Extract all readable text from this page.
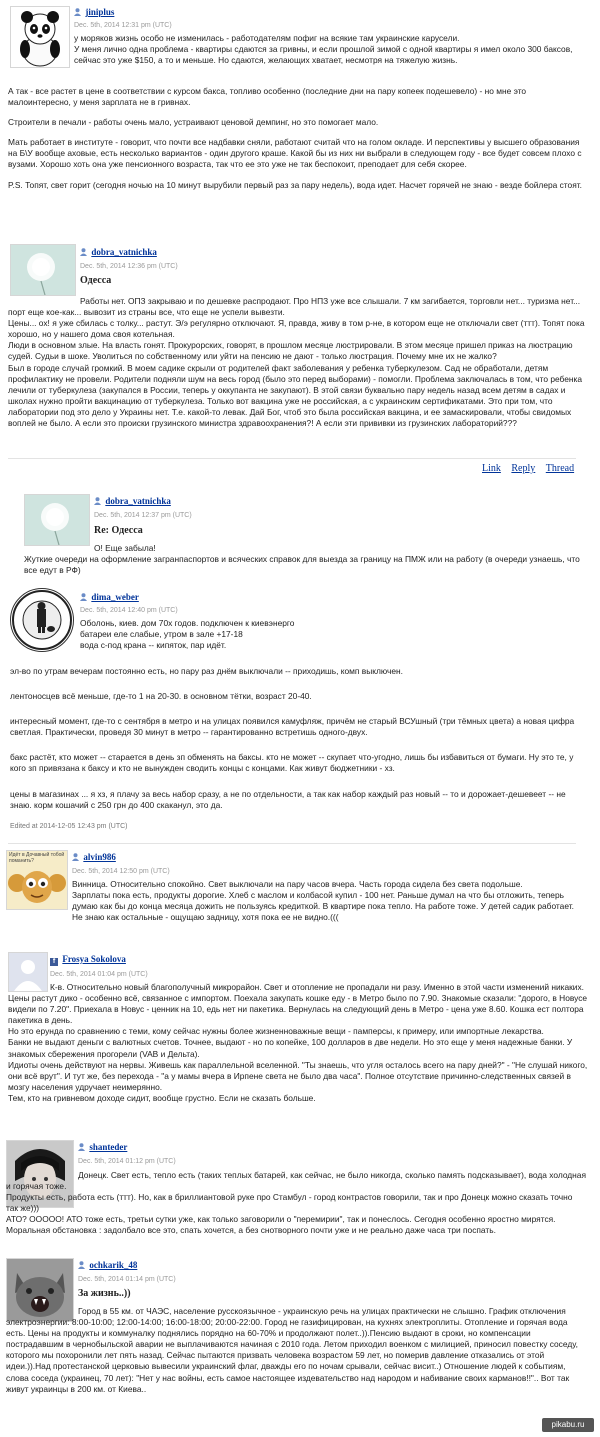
jiniplus
Dec. 5th, 2014 12:31 pm (UTC)

у моряков жизнь особо не изменилась - работодателям пофиг на всякие там украинские карусели.
У меня лично одна проблема - квартиры сдаются за гривны, и если прошлой зимой с одной квартиры я имел около 300 баксов, сейчас это уже $150, а то и меньше. Но сдаются, желающих хватает, несмотря на тяжелую жизнь.

А так - все растет в цене в соответствии с курсом бакса, топливо особенно (последние дни на пару копеек подешевело) - но мне это малоинтересно, у меня зарплата не в гривнах.

Строители в печали - работы очень мало, устраивают ценовой демпинг, но это помогает мало.

Мать работает в институте - говорит, что почти все надбавки сняли, работают считай что на голом окладе. И перспективы у высшего образования на Б\У вообще аховые, есть несколько вариантов - один другого краше. Какой бы из них ни выбрали в следующем году - все будет совсем плохо с вузами. Хорошо хоть она уже пенсионного возраста, так что ее это уже не так беспокоит, преподает для себя скорее.

P.S. Топят, свет горит (сегодня ночью на 10 минут вырубили первый раз за пару недель), вода идет. Насчет горячей не знаю - везде бойлера стоят.

dobra_vatnichka
Dec. 5th, 2014 12:36 pm (UTC)
Одесса

Работы нет. ОПЗ закрываю и по дешевке распродают. Про НПЗ уже все слышали. 7 км загибается, торговли нет... туризма нет... порт еще кое-как... вывозит из страны все, что еще не успели вывезти.
Цены... ох! я уже сбилась с толку... растут. Э/э регулярно отключают. Я, правда, живу в том р-не, в котором еще не отключали свет (ттт). Топят пока хорошо, но у нашего дома своя котельная.
Люди в основном злые. На власть гонят. Прокурорских, говорят, в прошлом месяце люстрировали. В этом месяце пришел приказ на люстрацию судей. Судьи в шоке. Уволиться по собственному или уйти на пенсию не дают - только люстрация. Почему мне их не жалко?
Был в городе случай громкий. В моем садике скрыли от родителей факт заболевания у ребенка туберкулезом. Сад не обработали, детям профилактику не провели. Родители подняли шум на весь город (было это перед выборами) - помогли. Проблема заключалась в том, что ребенка лечили от туберкулеза (закупался в России, теперь у оккупанта не закупают). В этой связи буквально пару недель назад всем детям в садах и школах нужно пройти вакцинацию от туберкулеза. Только вот вакцина уже не российская, а с украинским сертификатами. Это при том, что лаборатории под это дело у Украины нет. Т.е. какой-то левак. Дай Бог, чтоб это была российская вакцина, и ее замаскировали, чтобы свидомых воплей не было. А если это происки грузинского министра здравоохранения?! А если эти прививки из грузинских лабораторий???

Link Reply Thread
dobra_vatnichka
Dec. 5th, 2014 12:37 pm (UTC)
Re: Одесса

О! Еще забыла!
Жуткие очереди на оформление загранпаспортов и всяческих справок для выезда за границу на ПМЖ или на работу (в очереди узнаешь, что все едут в РФ)

dima_weber
Dec. 5th, 2014 12:40 pm (UTC)

Оболонь, киев. дом 70х годов. подключен к киевэнерго
батареи еле слабые, утром в зале +17-18
вода с-под крана -- кипяток, пар идёт.

эл-во по утрам вечерам постоянно есть, но пару раз днём выключали -- приходишь, комп выключен.

лентоносцев всё меньше, где-то 1 на 20-30. в основном тётки, возраст 20-40.

интересный момент, где-то с сентября в метро и на улицах появился камуфляж, причём не старый ВСУшный (три тёмных цвета) а новая цифра светлая. Практически, проведя 30 минут в метро -- гарантированно встретишь одного-двух.

бакс растёт, кто может -- старается в день зп обменять на баксы. кто не может -- скупает что-угодно, лишь бы избавиться от бумаги. Ну это те, у кого зп привязана к баксу и кто не вынужден сводить концы с концами. Как живут бюджетники - хз.

цены в магазинах ... я хз, я плачу за весь набор сразу, а не по отдельности, а так как набор каждый раз новый -- то и дорожает-дешевеет -- не знаю. корм кошачий с 250 грн до 400 скаканул, это да.

Edited at 2014-12-05 12:43 pm (UTC)
Идёт в Дочавный тобой поманить?	alvin986
Dec. 5th, 2014 12:50 pm (UTC)

Винница. Относительно спокойно. Свет выключали на пару часов вчера. Часть города сидела без света подольше.
Зарплаты пока есть, продукты дорогие. Хлеб с маслом и колбасой купил - 100 нет. Раньше думал на что бы отложить, теперь думаю как бы до конца месяца дожить не пользуясь кредиткой. В квартире пока тепло. На работе тоже. У детей садик работает. Не знаю как остальные - ощущаю задницу, хотя пока ее не видно.(((

f Frosya Sokolova
Dec. 5th, 2014 01:04 pm (UTC)

К-в. Относительно новый благополучный микрорайон. Свет и отопление не пропадали ни разу. Именно в этой части изменений никаких.
Цены растут дико - особенно всё, связанное с импортом. Поехала закупать кошке еду - в Метро было по 7.90. Знакомые сказали: "дорого, в Новусе видели по 7.20". Приехала в Новус - ценник на 10, едь нет ни пакетика. Вернулась на следующий день в Метро - цена уже 8.60. Кошка ест полтора пакетика в день.
Но это ерунда по сравнению с теми, кому сейчас нужны более жизненноважные вещи - памперсы, к примеру, или импортные лекарства.
Банки не выдают деньги с валютных счетов. Точнее, выдают - но по копейке, 100 долларов в две недели. Но это еще у меня надежные банки. У знакомых сбережения прогорели (VAB и Дельта).
Идиоты очень действуют на нервы. Живешь как параллельной вселенной. "Ты знаешь, что угля осталось всего на пару дней?" - "Не слушай никого, они всё врут". И тут же, без перехода - "а у мамы вчера в Ирпене света не было два часа". Полное отсутствие причинно-следственных связей в мозгу населения удручает неимерянно.
Тем, кто на гривневом доходе сидит, вообще грустно. Если не сказать больше.

shanteder
Dec. 5th, 2014 01:12 pm (UTC)

Донецк. Свет есть, тепло есть (таких теплых батарей, как сейчас, не было никогда, сколько память подсказывает), вода холодная и горячая тоже.
Продукты есть, работа есть (ттт). Но, как в бриллиантовой руке про Стамбул - город контрастов говорили, так и про Донецк можно сказать точно так же)))
АТО? ООООО! АТО тоже есть, третьи сутки уже, как только заговорили о "перемирии", так и понеслось. Сегодня особенно яростно мирятся. Моральная обстановка : задолбало все это, спать хочется, а без снотворного почти уже и не реально даже часа три поспать.

ochkarik_48
Dec. 5th, 2014 01:14 pm (UTC)
За жизнь..))

Город в 55 км. от ЧАЭС, население русскоязычное - украинскую речь на улицах практически не слышно. График отключения электроэнергии: 8:00-10:00; 12:00-14:00; 16:00-18:00; 20:00-22:00. Город не газифицирован, на кухнях электроплиты. Отопление и горячая вода есть. Цены на продукты и коммуналку поднялись порядно на 60-70% и продолжают полет..)).Пенсию выдают в сроки, но компенсации пострадавшим в чернобыльской аварии не выплачиваются начиная с 2010 года. Летом приходил военком с милицией, приносил повестку соседу, которого мы похоронили лет пять назад. Сейчас пытаются призвать человека возрастом 59 лет, но померив давление отказались от этой идеи.)).Над протестанской церковью вывесили украинский флаг, дважды его по ночам срывали, сейчас висит..) Отношение людей к событиям, слова соседа (украинец, 70 лет): "Нет у нас войны, есть самое настоящее издевательство над народом и набивание своих карманов!!".. Вот так живут украинцы в 200 км. от Киева..

pikabu.ru
